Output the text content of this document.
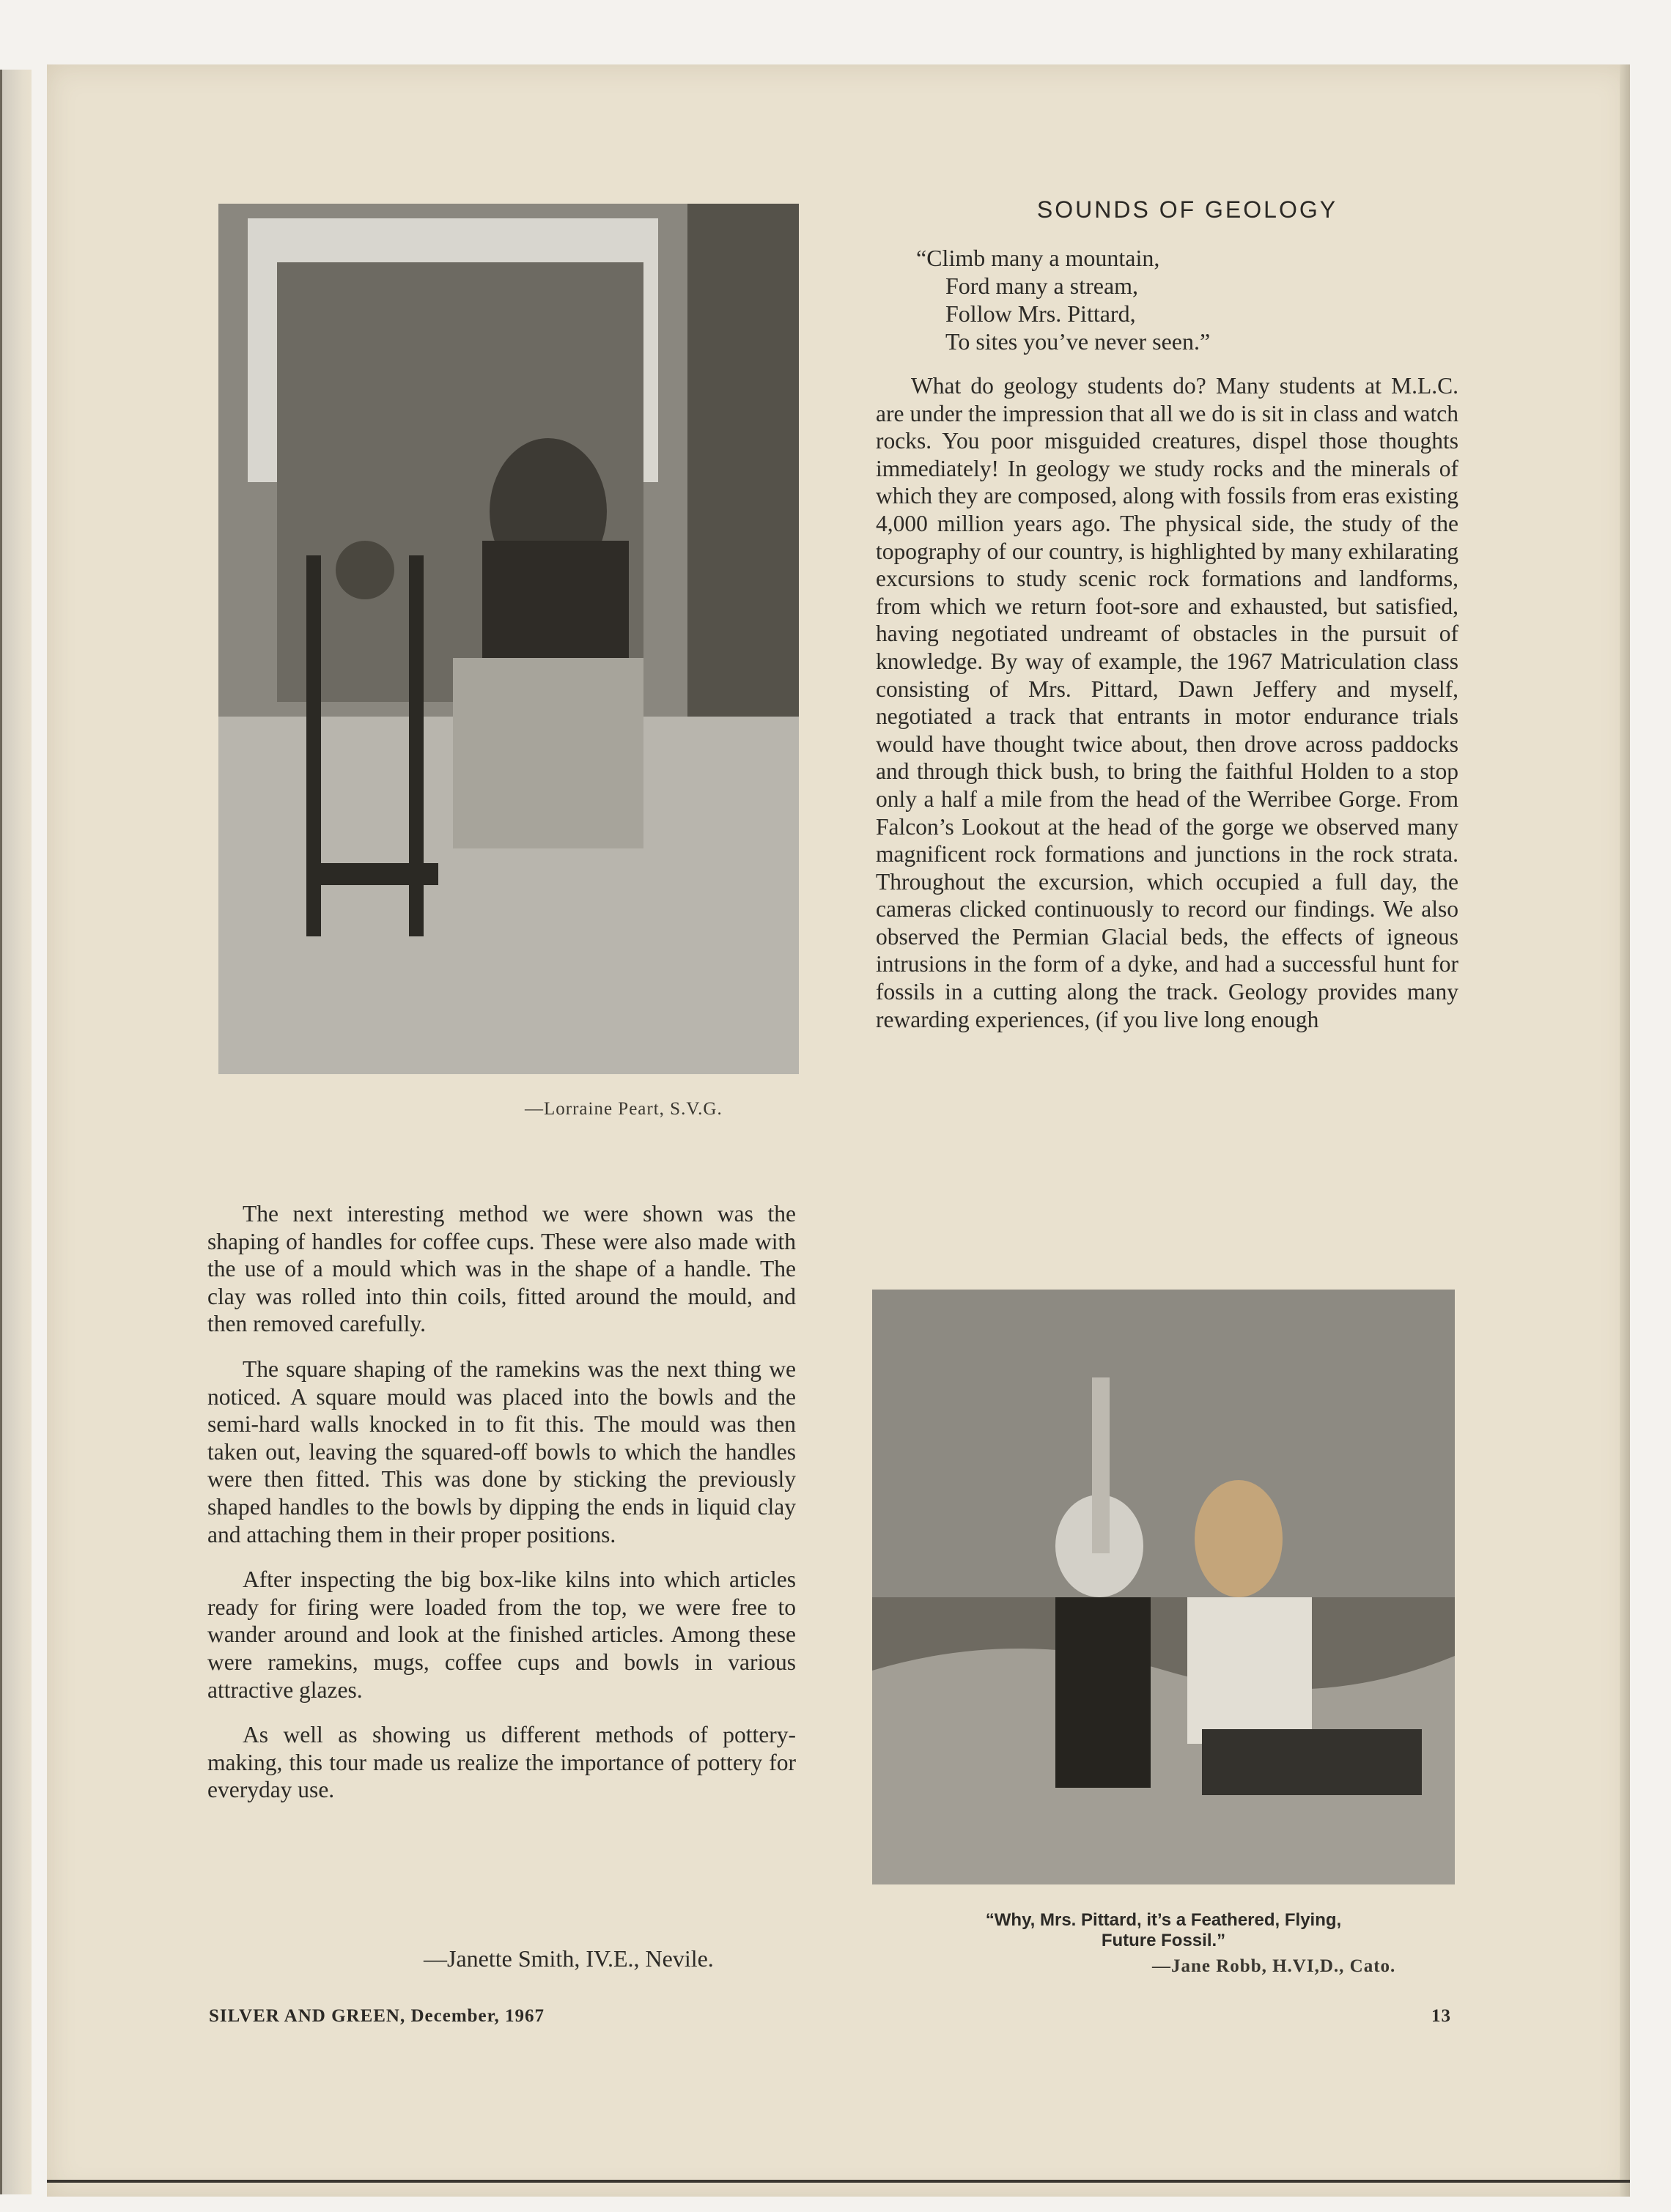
—Lorraine Peart, S.V.G.

The next interesting method we were shown was the shaping of handles for coffee cups. These were also made with the use of a mould which was in the shape of a handle. The clay was rolled into thin coils, fitted around the mould, and then removed carefully.

The square shaping of the ramekins was the next thing we noticed. A square mould was placed into the bowls and the semi-hard walls knocked in to fit this. The mould was then taken out, leaving the squared-off bowls to which the handles were then fitted. This was done by sticking the previously shaped handles to the bowls by dipping the ends in liquid clay and attaching them in their proper positions.

After inspecting the big box-like kilns into which articles ready for firing were loaded from the top, we were free to wander around and look at the finished articles. Among these were ramekins, mugs, coffee cups and bowls in various attractive glazes.

As well as showing us different methods of pottery-making, this tour made us realize the importance of pottery for everyday use.

—Janette Smith, IV.E., Nevile.
SOUNDS OF GEOLOGY
“Climb many a mountain,
Ford many a stream,
Follow Mrs. Pittard,
To sites you’ve never seen.”

What do geology students do? Many students at M.L.C. are under the impression that all we do is sit in class and watch rocks. You poor misguided creatures, dispel those thoughts immediately! In geology we study rocks and the minerals of which they are composed, along with fossils from eras existing 4,000 million years ago. The physical side, the study of the topography of our country, is highlighted by many exhilarating excursions to study scenic rock formations and landforms, from which we return foot-sore and exhausted, but satisfied, having negotiated undreamt of obstacles in the pursuit of knowledge. By way of example, the 1967 Matriculation class consisting of Mrs. Pittard, Dawn Jeffery and myself, negotiated a track that entrants in motor endurance trials would have thought twice about, then drove across paddocks and through thick bush, to bring the faithful Holden to a stop only a half a mile from the head of the Werribee Gorge. From Falcon’s Lookout at the head of the gorge we observed many magnificent rock formations and junctions in the rock strata. Throughout the excursion, which occupied a full day, the cameras clicked continuously to record our findings. We also observed the Permian Glacial beds, the effects of igneous intrusions in the form of a dyke, and had a successful hunt for fossils in a cutting along the track. Geology provides many rewarding experiences, (if you live long enough

“Why, Mrs. Pittard, it’s a Feathered, Flying,
Future Fossil.”
—Jane Robb, H.VI,D., Cato.
SILVER AND GREEN, December, 1967	13
